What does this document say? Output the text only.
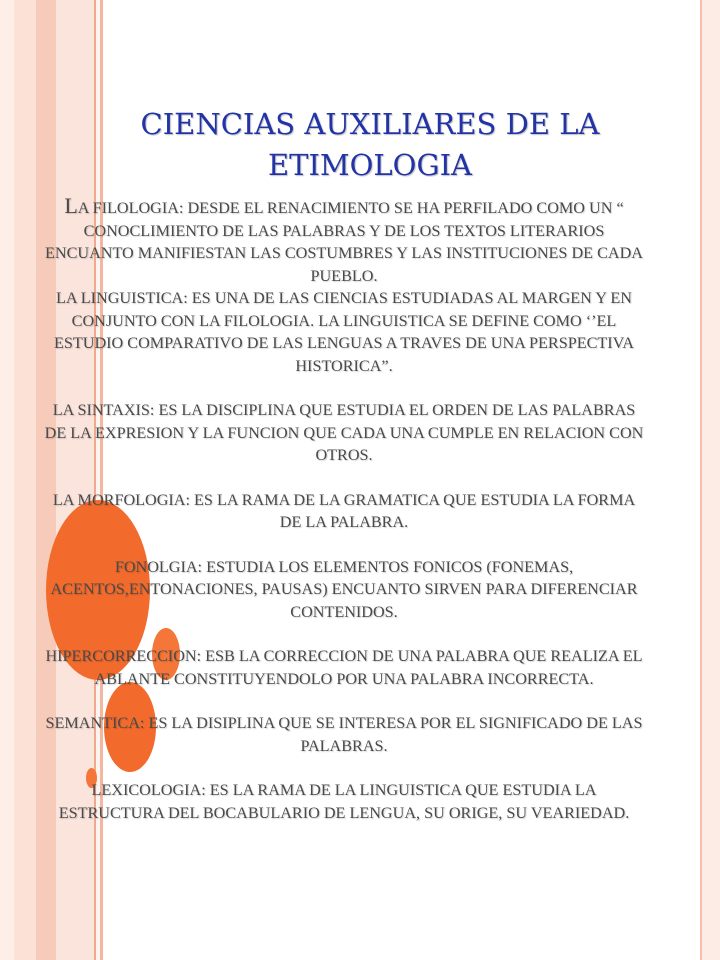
CIENCIAS AUXILIARES DE LA ETIMOLOGIA

LA FILOLOGIA: DESDE EL RENACIMIENTO SE HA PERFILADO COMO UN “ CONOCLIMIENTO DE LAS PALABRAS Y DE LOS TEXTOS LITERARIOS ENCUANTO MANIFIESTAN LAS COSTUMBRES Y LAS INSTITUCIONES DE CADA PUEBLO.

LA LINGUISTICA: ES UNA DE LAS CIENCIAS ESTUDIADAS AL MARGEN Y EN CONJUNTO CON LA FILOLOGIA. LA LINGUISTICA SE DEFINE COMO ‘’EL ESTUDIO COMPARATIVO DE LAS LENGUAS A TRAVES DE UNA PERSPECTIVA HISTORICA”.

LA SINTAXIS: ES LA DISCIPLINA QUE ESTUDIA EL ORDEN DE LAS PALABRAS DE LA EXPRESION Y LA FUNCION QUE CADA UNA CUMPLE EN RELACION CON OTROS.

LA MORFOLOGIA: ES LA RAMA DE LA GRAMATICA QUE ESTUDIA LA FORMA DE LA PALABRA.

FONOLGIA: ESTUDIA LOS ELEMENTOS FONICOS (FONEMAS, ACENTOS,ENTONACIONES, PAUSAS) ENCUANTO SIRVEN PARA DIFERENCIAR CONTENIDOS.

HIPERCORRECCION: ESB LA CORRECCION DE UNA PALABRA QUE REALIZA EL ABLANTE CONSTITUYENDOLO POR UNA PALABRA INCORRECTA.

SEMANTICA: ES LA DISIPLINA QUE SE INTERESA POR EL SIGNIFICADO DE LAS PALABRAS.

LEXICOLOGIA: ES LA RAMA DE LA LINGUISTICA QUE ESTUDIA LA ESTRUCTURA DEL BOCABULARIO DE LENGUA, SU ORIGE, SU VEARIEDAD.
